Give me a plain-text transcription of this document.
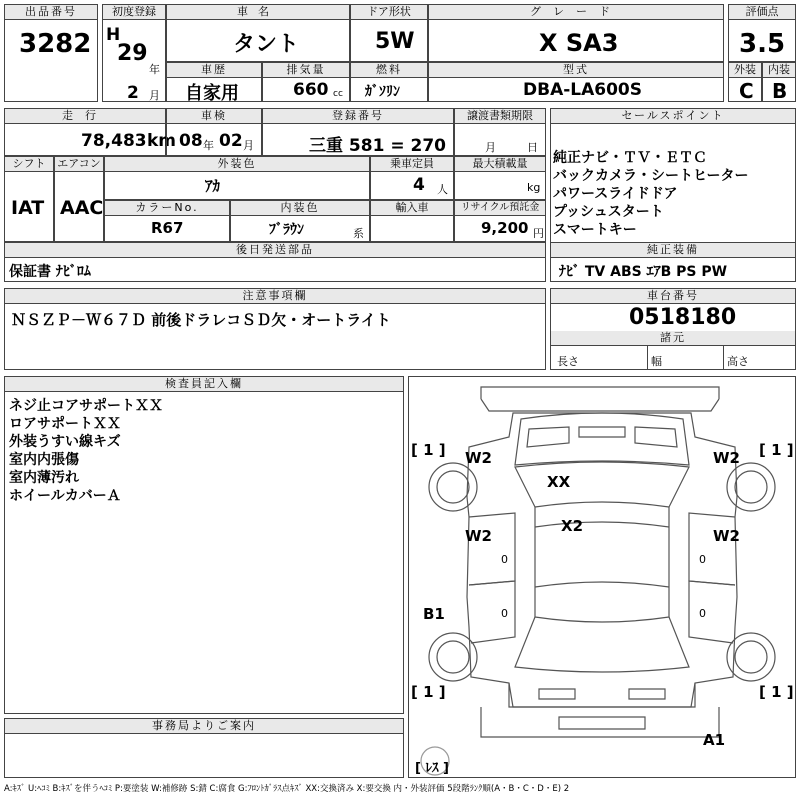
出品番号
3282
初度登録
H
29
年
2 月
車名
タント
ドア形状
5W
グレード
X SA3
評価点
3.5
車歴
自家用
排気量
660 cc
燃料
ｶﾞｿﾘﾝ
型式
DBA-LA600S
外装
C
内装
B
走行
78,483 km
車検
08 年 02 月
登録番号
三重 581 = 270
譲渡書類期限
月	日
セールスポイント
純正ナビ・ＴＶ・ＥＴＣ
バックカメラ・シートヒーター
パワースライドドア
プッシュスタート
スマートキー
シフト
IAT
エアコン
AAC
外装色
ｱｶ
乗車定員
4 人
最大積載量
kg
カラーNo.
R67
内装色
ﾌﾞﾗｳﾝ	系
輸入車	リサイクル預託金
9,200 円
後日発送部品
保証書 ﾅﾋﾞﾛﾑ
純正装備
ﾅﾋﾞ TV ABS ｴｱB PS PW
注意事項欄
ＮＳＺＰ－Ｗ６７Ｄ 前後ドラレコＳＤ欠・オートライト
車台番号
0518180
諸元
長さ	幅	高さ
検査員記入欄
ネジ止コアサポートＸＸ
ロアサポートＸＸ
外装うすい線キズ
室内内張傷
室内薄汚れ
ホイールカバーＡ
事務局よりご案内
[ 1 ]	[ 1 ]
[ 1 ]	[ 1 ]
W2	W2
XX
X2
W2	W2
0	0
0	0
B1
A1
[ ﾚｽ ]
A:ｷｽﾞ U:ﾍｺﾐ B:ｷｽﾞを伴うﾍｺﾐ P:要塗装 W:補修跡 S:錆 C:腐食 G:ﾌﾛﾝﾄｶﾞﾗｽ点ｷｽﾞ XX:交換済み X:要交換 内・外装評価 5段階ﾗﾝｸ順(A・B・C・D・E) 2
